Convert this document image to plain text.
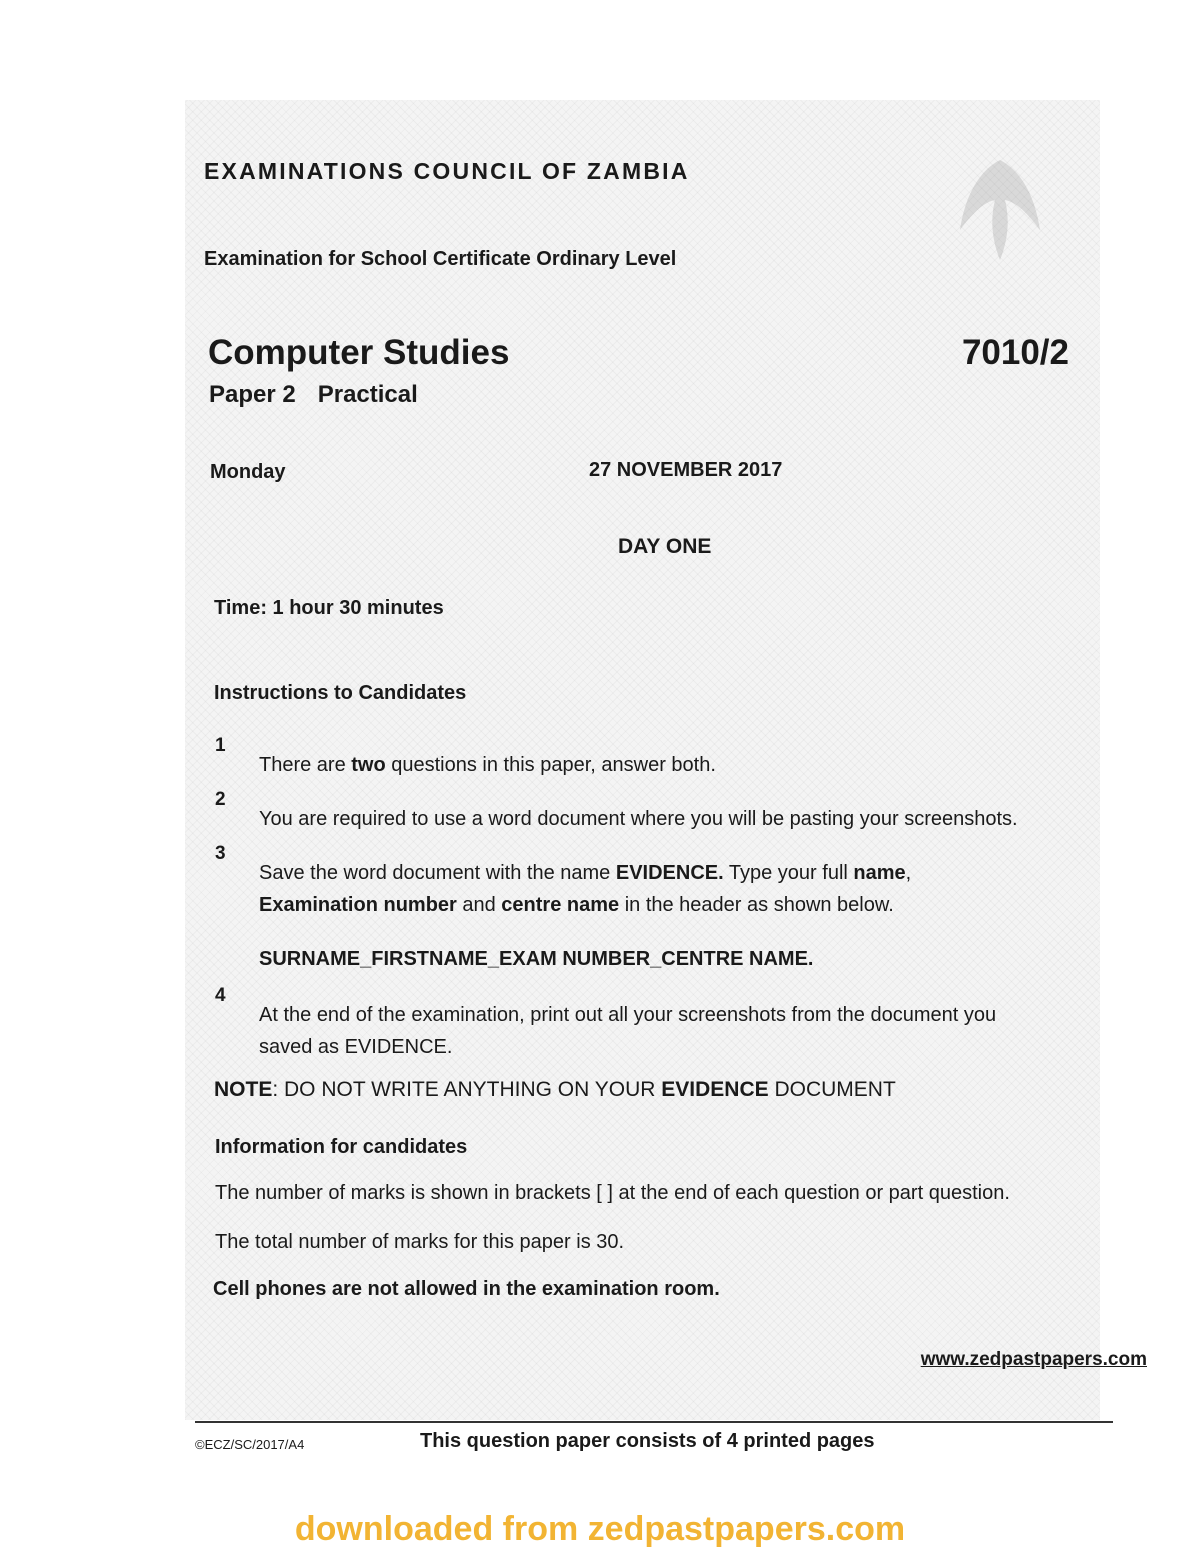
EXAMINATIONS COUNCIL OF ZAMBIA

Examination for School Certificate Ordinary Level

Computer Studies	7010/2

Paper 2 Practical

Monday	27 NOVEMBER 2017

DAY ONE

Time: 1 hour 30 minutes

Instructions to Candidates

1

There are two questions in this paper, answer both.

2

You are required to use a word document where you will be pasting your screenshots.

3

Save the word document with the name EVIDENCE. Type your full name, Examination number and centre name in the header as shown below.

SURNAME_FIRSTNAME_EXAM NUMBER_CENTRE NAME.

4

At the end of the examination, print out all your screenshots from the document you
saved as EVIDENCE.

NOTE: DO NOT WRITE ANYTHING ON YOUR EVIDENCE DOCUMENT

Information for candidates

The number of marks is shown in brackets [ ] at the end of each question or part question.

The total number of marks for this paper is 30.

Cell phones are not allowed in the examination room.

www.zedpastpapers.com

©ECZ/SC/2017/A4	This question paper consists of 4 printed pages

downloaded from zedpastpapers.com
